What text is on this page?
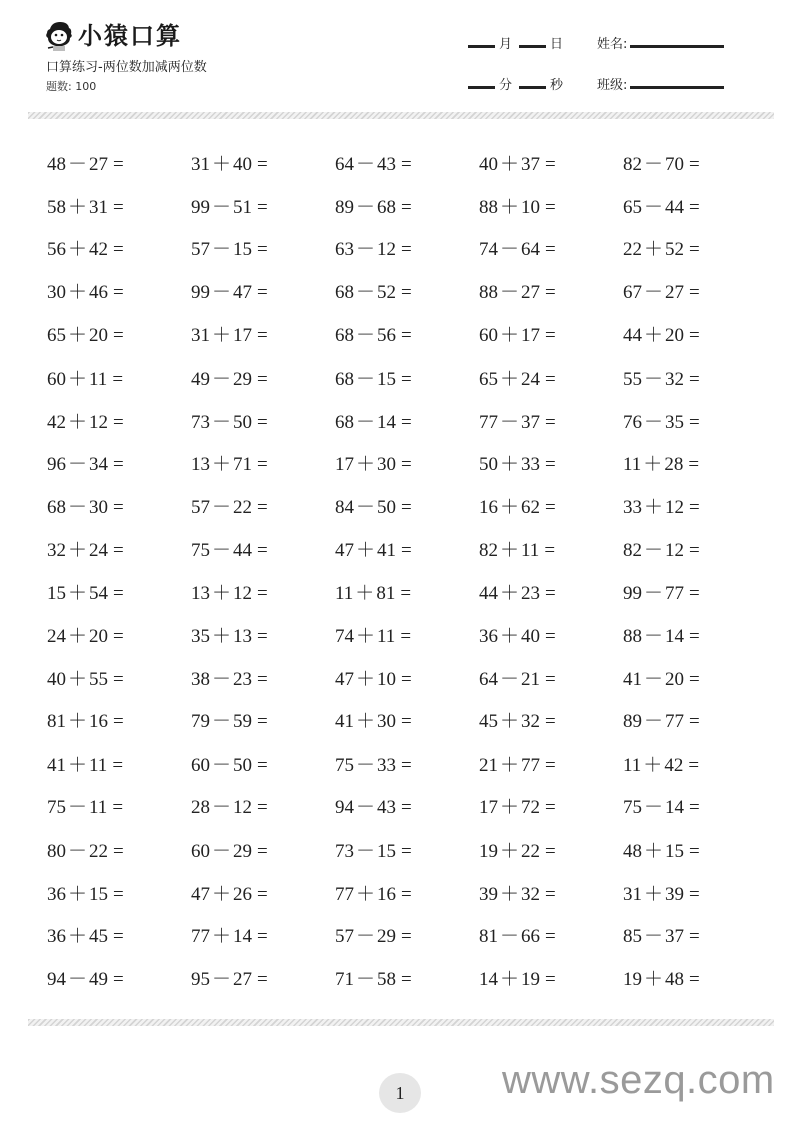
小猿口算
口算练习-两位数加减两位数
题数: 100
月	日	姓名:
分	秒	班级:
48 － 27 =	31 ＋ 40 =	64 － 43 =	40 ＋ 37 =	82 － 70 =
58 ＋ 31 =	99 － 51 =	89 － 68 =	88 ＋ 10 =	65 － 44 =
56 ＋ 42 =	57 － 15 =	63 － 12 =	74 － 64 =	22 ＋ 52 =
30 ＋ 46 =	99 － 47 =	68 － 52 =	88 － 27 =	67 － 27 =
65 ＋ 20 =	31 ＋ 17 =	68 － 56 =	60 ＋ 17 =	44 ＋ 20 =
60 ＋ 11 =	49 － 29 =	68 － 15 =	65 ＋ 24 =	55 － 32 =
42 ＋ 12 =	73 － 50 =	68 － 14 =	77 － 37 =	76 － 35 =
96 － 34 =	13 ＋ 71 =	17 ＋ 30 =	50 ＋ 33 =	11 ＋ 28 =
68 － 30 =	57 － 22 =	84 － 50 =	16 ＋ 62 =	33 ＋ 12 =
32 ＋ 24 =	75 － 44 =	47 ＋ 41 =	82 ＋ 11 =	82 － 12 =
15 ＋ 54 =	13 ＋ 12 =	11 ＋ 81 =	44 ＋ 23 =	99 － 77 =
24 ＋ 20 =	35 ＋ 13 =	74 ＋ 11 =	36 ＋ 40 =	88 － 14 =
40 ＋ 55 =	38 － 23 =	47 ＋ 10 =	64 － 21 =	41 － 20 =
81 ＋ 16 =	79 － 59 =	41 ＋ 30 =	45 ＋ 32 =	89 － 77 =
41 ＋ 11 =	60 － 50 =	75 － 33 =	21 ＋ 77 =	11 ＋ 42 =
75 － 11 =	28 － 12 =	94 － 43 =	17 ＋ 72 =	75 － 14 =
80 － 22 =	60 － 29 =	73 － 15 =	19 ＋ 22 =	48 ＋ 15 =
36 ＋ 15 =	47 ＋ 26 =	77 ＋ 16 =	39 ＋ 32 =	31 ＋ 39 =
36 ＋ 45 =	77 ＋ 14 =	57 － 29 =	81 － 66 =	85 － 37 =
94 － 49 =	95 － 27 =	71 － 58 =	14 ＋ 19 =	19 ＋ 48 =
1	www.sezq.com
